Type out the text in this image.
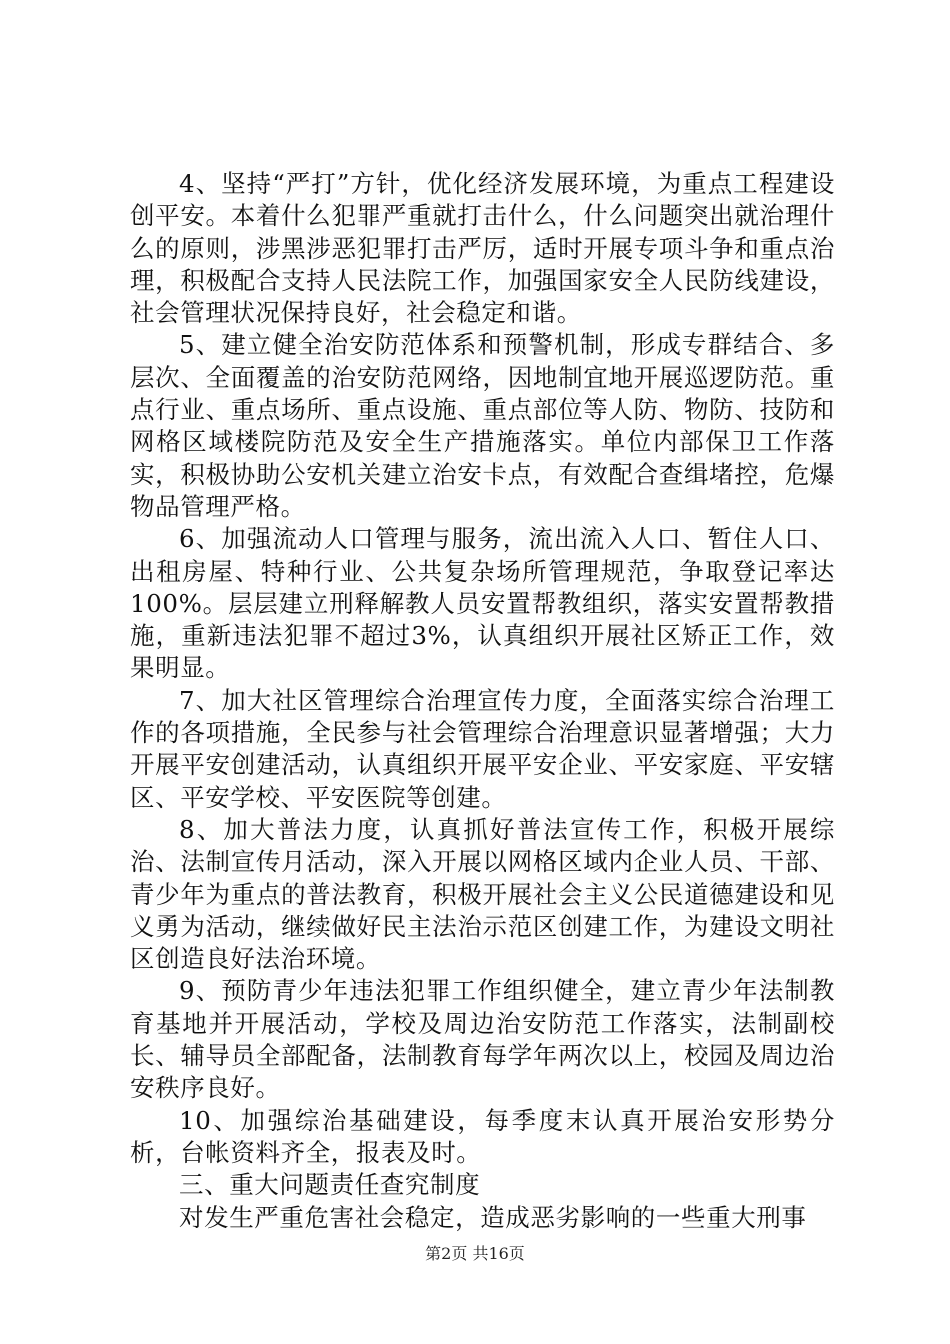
4、坚持“严打”方针，优化经济发展环境，为重点工程建设创平安。本着什么犯罪严重就打击什么，什么问题突出就治理什么的原则，涉黑涉恶犯罪打击严厉，适时开展专项斗争和重点治理，积极配合支持人民法院工作，加强国家安全人民防线建设，社会管理状况保持良好，社会稳定和谐。

5、建立健全治安防范体系和预警机制，形成专群结合、多层次、全面覆盖的治安防范网络，因地制宜地开展巡逻防范。重点行业、重点场所、重点设施、重点部位等人防、物防、技防和网格区域楼院防范及安全生产措施落实。单位内部保卫工作落实，积极协助公安机关建立治安卡点，有效配合查缉堵控，危爆物品管理严格。

6、加强流动人口管理与服务，流出流入人口、暂住人口、出租房屋、特种行业、公共复杂场所管理规范，争取登记率达100%。层层建立刑释解教人员安置帮教组织，落实安置帮教措施，重新违法犯罪不超过3%，认真组织开展社区矫正工作，效果明显。

7、加大社区管理综合治理宣传力度，全面落实综合治理工作的各项措施，全民参与社会管理综合治理意识显著增强；大力开展平安创建活动，认真组织开展平安企业、平安家庭、平安辖区、平安学校、平安医院等创建。

8、加大普法力度，认真抓好普法宣传工作，积极开展综治、法制宣传月活动，深入开展以网格区域内企业人员、干部、青少年为重点的普法教育，积极开展社会主义公民道德建设和见义勇为活动，继续做好民主法治示范区创建工作，为建设文明社区创造良好法治环境。

9、预防青少年违法犯罪工作组织健全，建立青少年法制教育基地并开展活动，学校及周边治安防范工作落实，法制副校长、辅导员全部配备，法制教育每学年两次以上，校园及周边治安秩序良好。

10、加强综治基础建设，每季度末认真开展治安形势分析，台帐资料齐全，报表及时。

三、重大问题责任查究制度

对发生严重危害社会稳定，造成恶劣影响的一些重大刑事

第2页 共16页
